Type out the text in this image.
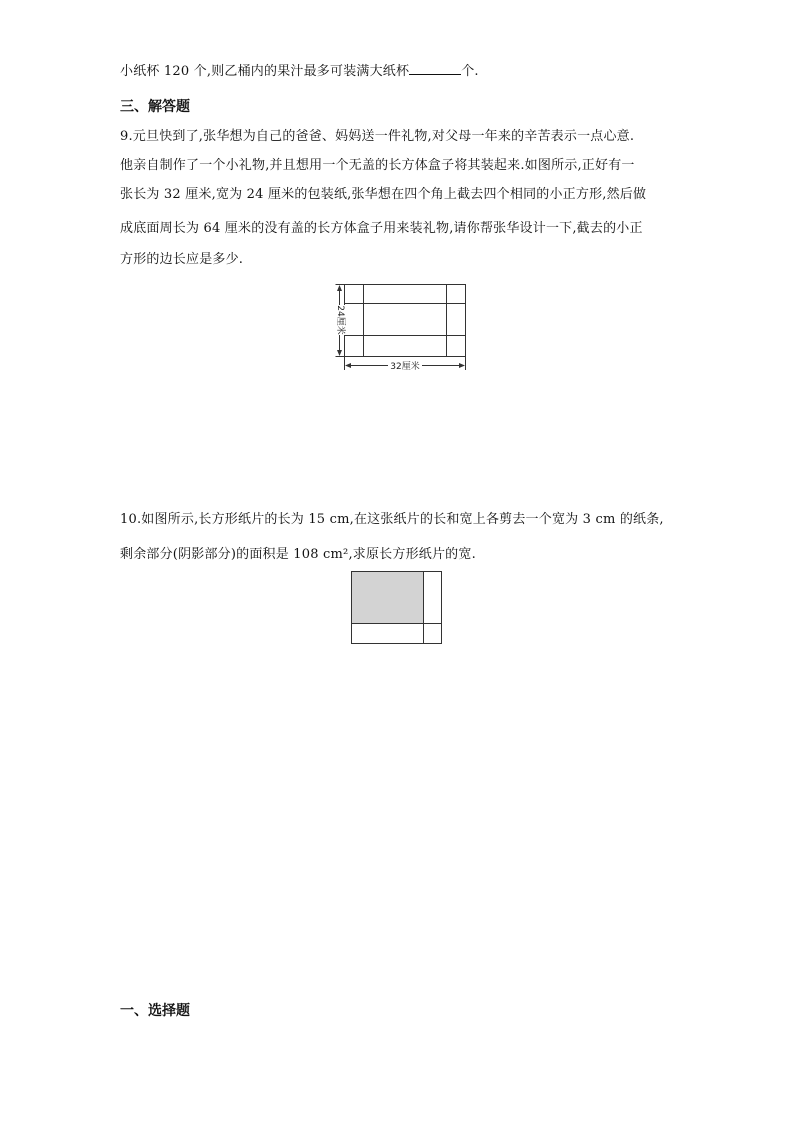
小纸杯 120 个,则乙桶内的果汁最多可装满大纸杯	个.
三、解答题
9.元旦快到了,张华想为自己的爸爸、妈妈送一件礼物,对父母一年来的辛苦表示一点心意.
他亲自制作了一个小礼物,并且想用一个无盖的长方体盒子将其装起来.如图所示,正好有一
张长为 32 厘米,宽为 24 厘米的包装纸,张华想在四个角上截去四个相同的小正方形,然后做
成底面周长为 64 厘米的没有盖的长方体盒子用来装礼物,请你帮张华设计一下,截去的小正
方形的边长应是多少.
24厘米
32厘米
10.如图所示,长方形纸片的长为 15 cm,在这张纸片的长和宽上各剪去一个宽为 3 cm 的纸条,
剩余部分(阴影部分)的面积是 108 cm²,求原长方形纸片的宽.
一、选择题
